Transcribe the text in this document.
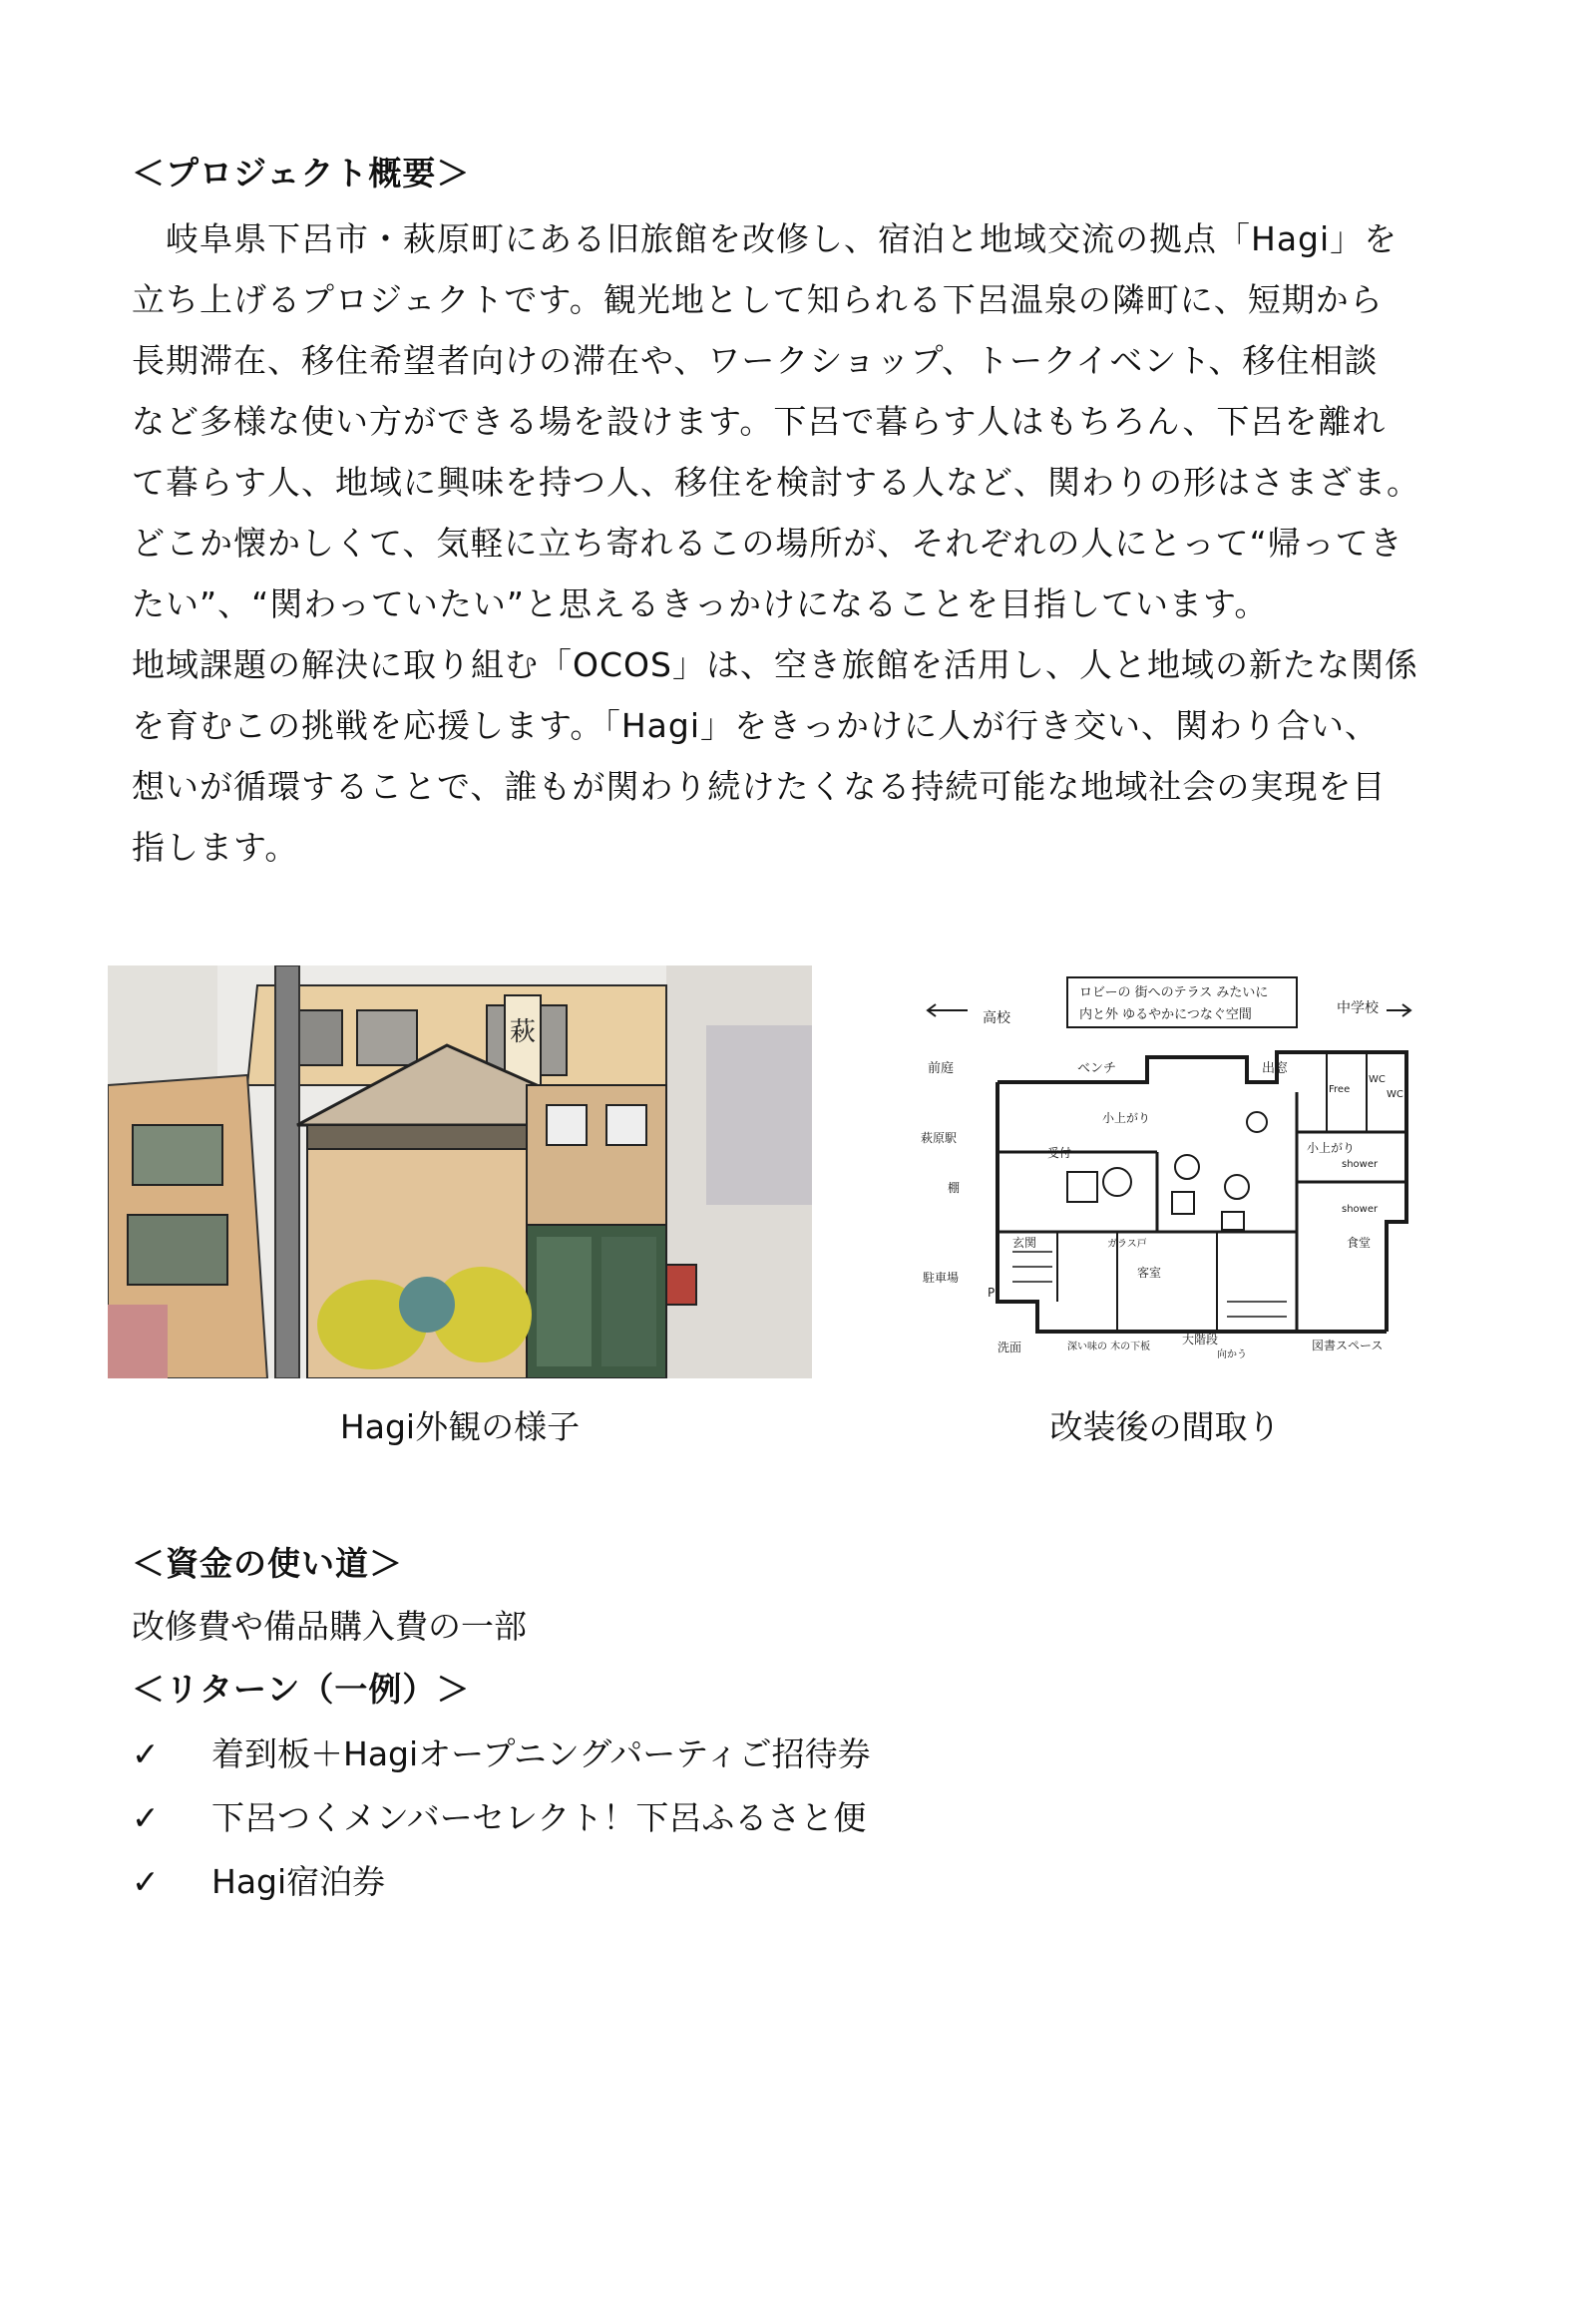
＜プロジェクト概要＞
　岐阜県下呂市・萩原町にある旧旅館を改修し、宿泊と地域交流の拠点「Hagi」を
立ち上げるプロジェクトです。観光地として知られる下呂温泉の隣町に、短期から
長期滞在、移住希望者向けの滞在や、ワークショップ、トークイベント、移住相談
など多様な使い方ができる場を設けます。下呂で暮らす人はもちろん、下呂を離れ
て暮らす人、地域に興味を持つ人、移住を検討する人など、関わりの形はさまざま。
どこか懐かしくて、気軽に立ち寄れるこの場所が、それぞれの人にとって“帰ってき
たい”、“関わっていたい”と思えるきっかけになることを目指しています。
地域課題の解決に取り組む「OCOS」は、空き旅館を活用し、人と地域の新たな関係
を育むこの挑戦を応援します。「Hagi」をきっかけに人が行き交い、関わり合い、
想いが循環することで、誰もが関わり続けたくなる持続可能な地域社会の実現を目
指します。
萩
ロビーの 街へのテラス みたいに
内と外 ゆるやかにつなぐ空間
高校
中学校
出窓
ベンチ
前庭
Free
WC
WC
小上がり
小上がり
受付
萩原駅
棚
shower
shower
玄関	食堂
ガラス戸
客室
駐車場
洗面
大階段	図書スペース
深い味の 木の下板
向かう
P
Hagi外観の様子	改装後の間取り
＜資金の使い道＞
改修費や備品購入費の一部
＜リターン（一例）＞
✓ 着到板＋Hagiオープニングパーティご招待券
✓ 下呂つくメンバーセレクト！下呂ふるさと便
✓ Hagi宿泊券
